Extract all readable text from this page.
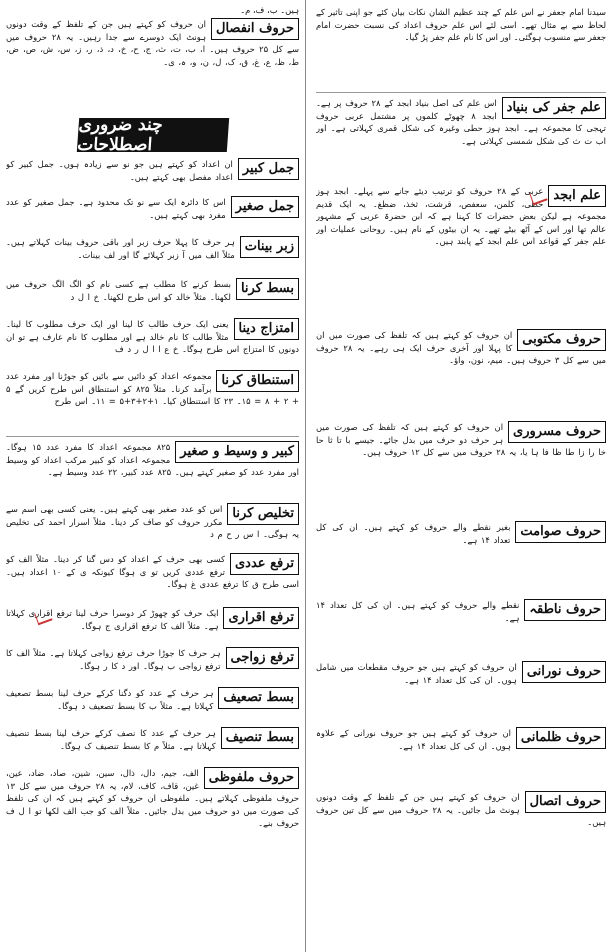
سیدنا امام جعفر نے اس علم کے چند عظیم الشان نکات بیان کئے جو اپنی تاثیر کے لحاظ سے بے مثال تھے۔ اسی لئے اس علم حروف اعداد کی نسبت حضرت امام جعفر سے منسوب ہوگئی۔ اور اس کا نام علم جفر پڑ گیا۔
علم جفر کی بنیاد
اس علم کی اصل بنیاد ابجد کے ۲۸ حروف پر ہے۔ ابجد ۸ چھوٹے کلموں پر مشتمل عربی حروف تہجی کا مجموعہ ہے۔ ابجد ہوز حطی وغیرہ کی شکل قمری کہلاتی ہے۔ اور اب ت ث کی شکل شمسی کہلاتی ہے۔
علم ابجد
عربی کے ۲۸ حروف کو ترتیب دیئے جانے سے پہلے۔ ابجد ہوز حطی، کلمن، سعفص، قرشت، ثخذ، ضظغ۔ یہ ایک قدیم مجموعہ ہے لیکن بعض حضرات کا کہنا ہے کہ ابن حضرۃ عربی کے مشہور عالم تھا اور اس کے آٹھ بیٹے تھے۔ یہ ان بیٹوں کے نام ہیں۔ روحانی عملیات اور علم جفر کے قواعد اس علم ابجد کے پابند ہیں۔
حروف مکتوبی
ان حروف کو کہتے ہیں کہ تلفظ کی صورت میں ان کا پہلا اور آخری حرف ایک ہی رہے۔ یہ ۲۸ حروف میں سے کل ۳ حروف ہیں۔ میم، نون، واؤ۔
حروف مسروری
ان حروف کو کہتے ہیں کہ تلفظ کی صورت میں ہر حرف دو حرف میں بدل جائے۔ جیسے با تا ثا حا خا را زا طا ظا فا ہا یا، یہ ۲۸ حروف میں سے کل ۱۲ حروف ہیں۔
حروف صوامت
بغیر نقطے والے حروف کو کہتے ہیں۔ ان کی کل تعداد ۱۴ ہے۔
حروف ناطقہ
نقطے والے حروف کو کہتے ہیں۔ ان کی کل تعداد ۱۴ ہے۔
حروف نورانی
ان حروف کو کہتے ہیں جو حروف مقطعات میں شامل ہوں۔ ان کی کل تعداد ۱۴ ہے۔
حروف ظلمانی
ان حروف کو کہتے ہیں جو حروف نورانی کے علاوہ ہوں۔ ان کی کل تعداد ۱۴ ہے۔
حروف اتصال
ان حروف کو کہتے ہیں جن کے تلفظ کے وقت دونوں ہونٹ مل جائیں۔ یہ ۲۸ حروف میں سے کل تین حروف ہیں۔
ہیں۔ ب، ف، م۔
حروف انفصال
ان حروف کو کہتے ہیں جن کے تلفظ کے وقت دونوں ہونٹ ایک دوسرے سے جدا رہیں۔ یہ ۲۸ حروف میں سے کل ۲۵ حروف ہیں۔ ا، ب، ت، ث، ج، ح، خ، د، ذ، ر، ز، س، ش، ص، ض، ط، ظ، ع، غ، ق، ک، ل، ن، و، ہ، ی۔
چند ضروری اصطلاحات
جمل کبیر
ان اعداد کو کہتے ہیں جو نو سے زیادہ ہوں۔ جمل کبیر کو اعداد مفصل بھی کہتے ہیں۔
جمل صغیر
اس کا دائرہ ایک سے نو تک محدود ہے۔ جمل صغیر کو عدد مفرد بھی کہتے ہیں۔
زبر بینات
ہر حرف کا پہلا حرف زبر اور باقی حروف بینات کہلاتے ہیں۔ مثلاً الف میں آ زبر کہلائے گا اور لف بینات۔
بسط کرنا
بسط کرنے کا مطلب ہے کسی نام کو الگ الگ حروف میں لکھنا۔ مثلاً خالد کو اس طرح لکھنا۔ خ ا ل د
امتزاج دینا
یعنی ایک حرف طالب کا لینا اور ایک حرف مطلوب کا لینا۔ مثلاً طالب کا نام خالد ہے اور مطلوب کا نام عارف ہے تو ان دونوں کا امتزاج اس طرح ہوگا۔ خ ع ا ا ل ر د ف
استنطاق کرنا
مجموعہ اعداد کو دائیں سے بائیں کو جوڑنا اور مفرد عدد برآمد کرنا۔ مثلاً ۸۲۵ کو استنطاق اس طرح کریں گے ۵ + ۲ + ۸ = ۱۵۔ ۲۳ کا استنطاق کیا۔ ۱+۲+۳+۵ = ۱۱۔ اس طرح
کبیر و وسیط و صغیر
۸۲۵ مجموعہ اعداد کا مفرد عدد ۱۵ ہوگا۔ مجموعہ اعداد کو کبیر مرکب اعداد کو وسیط اور مفرد عدد کو صغیر کہتے ہیں۔ ۸۲۵ عدد کبیر، ۲۲ عدد وسیط ہے۔
تخلیص کرنا
اس کو عدد صغیر بھی کہتے ہیں۔ یعنی کسی بھی اسم سے مکرر حروف کو صاف کر دینا۔ مثلاً اسرار احمد کی تخلیص یہ ہوگی۔ ا س ر ح م د
ترفع عددی
کسی بھی حرف کے اعداد کو دس گنا کر دینا۔ مثلاً الف کو ترفع عددی کریں تو ی ہوگا کیونکہ ی کے ۱۰ اعداد ہیں۔ اسی طرح ق کا ترفع عددی غ ہوگا۔
ترفع اقراری
ایک حرف کو چھوڑ کر دوسرا حرف لینا ترفع اقراری کہلاتا ہے۔ مثلاً الف کا ترفع اقراری ج ہوگا۔
ترفع زواجی
ہر حرف کا جوڑا حرف ترفع زواجی کہلاتا ہے۔ مثلاً الف کا ترفع زواجی ب ہوگا۔ اور د کا ر ہوگا۔
بسط تصعیف
ہر حرف کے عدد کو دگنا کرکے حرف لینا بسط تصعیف کہلاتا ہے۔ مثلاً ب کا بسط تصعیف د ہوگا۔
بسط تنصیف
ہر حرف کے عدد کا نصف کرکے حرف لینا بسط تنصیف کہلاتا ہے۔ مثلاً م کا بسط تنصیف ک ہوگا۔
حروف ملفوظی
الف، جیم، دال، ذال، سین، شین، صاد، ضاد، عین، غین، قاف، کاف، لام، یہ ۲۸ حروف میں سے کل ۱۳ حروف ملفوظی کہلاتے ہیں۔ ملفوظی ان حروف کو کہتے ہیں کہ ان کی تلفظ کی صورت میں دو حروف میں بدل جائیں۔ مثلاً الف کو جب الف لکھا تو ا ل ف حروف بنے۔
